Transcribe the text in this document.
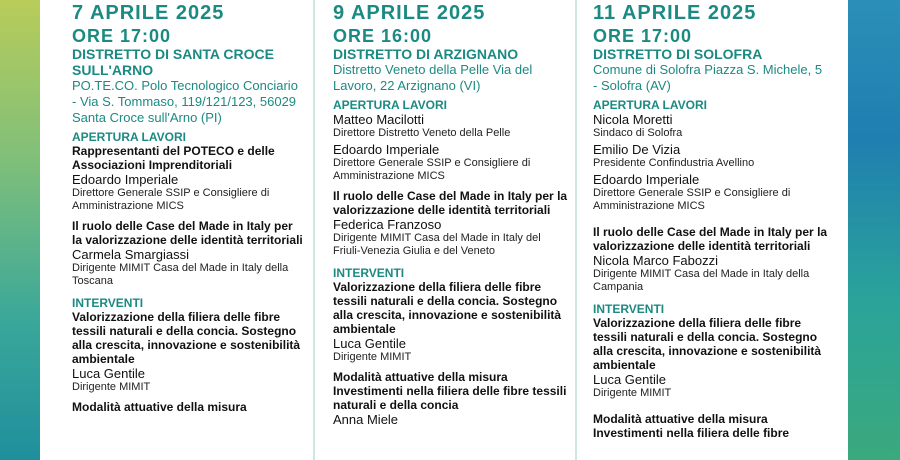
7 APRILE 2025
ORE 17:00
DISTRETTO DI SANTA CROCE SULL'ARNO
PO.TE.CO. Polo Tecnologico Conciario - Via S. Tommaso, 119/121/123, 56029 Santa Croce sull'Arno (PI)
APERTURA LAVORI
Rappresentanti del POTECO e delle Associazioni Imprenditoriali
Edoardo Imperiale
Direttore Generale SSIP e Consigliere di Amministrazione MICS
Il ruolo delle Case del Made in Italy per la valorizzazione delle identità territoriali
Carmela Smargiassi
Dirigente MIMIT Casa del Made in Italy della Toscana
INTERVENTI
Valorizzazione della filiera delle fibre tessili naturali e della concia. Sostegno alla crescita, innovazione e sostenibilità ambientale
Luca Gentile
Dirigente MIMIT
Modalità attuative della misura
9 APRILE 2025
ORE 16:00
DISTRETTO DI ARZIGNANO
Distretto Veneto della Pelle Via del Lavoro, 22 Arzignano (VI)
APERTURA LAVORI
Matteo Macilotti
Direttore Distretto Veneto della Pelle
Edoardo Imperiale
Direttore Generale SSIP e Consigliere di Amministrazione MICS
Il ruolo delle Case del Made in Italy per la valorizzazione delle identità territoriali
Federica Franzoso
Dirigente MIMIT Casa del Made in Italy del Friuli-Venezia Giulia e del Veneto
INTERVENTI
Valorizzazione della filiera delle fibre tessili naturali e della concia. Sostegno alla crescita, innovazione e sostenibilità ambientale
Luca Gentile
Dirigente MIMIT
Modalità attuative della misura Investimenti nella filiera delle fibre tessili naturali e della concia
Anna Miele
11 APRILE 2025
ORE 17:00
DISTRETTO DI SOLOFRA
Comune di Solofra Piazza S. Michele, 5 - Solofra (AV)
APERTURA LAVORI
Nicola Moretti
Sindaco di Solofra
Emilio De Vizia
Presidente Confindustria Avellino
Edoardo Imperiale
Direttore Generale SSIP e Consigliere di Amministrazione MICS
Il ruolo delle Case del Made in Italy per la valorizzazione delle identità territoriali
Nicola Marco Fabozzi
Dirigente MIMIT Casa del Made in Italy della Campania
INTERVENTI
Valorizzazione della filiera delle fibre tessili naturali e della concia. Sostegno alla crescita, innovazione e sostenibilità ambientale
Luca Gentile
Dirigente MIMIT
Modalità attuative della misura Investimenti nella filiera delle fibre
